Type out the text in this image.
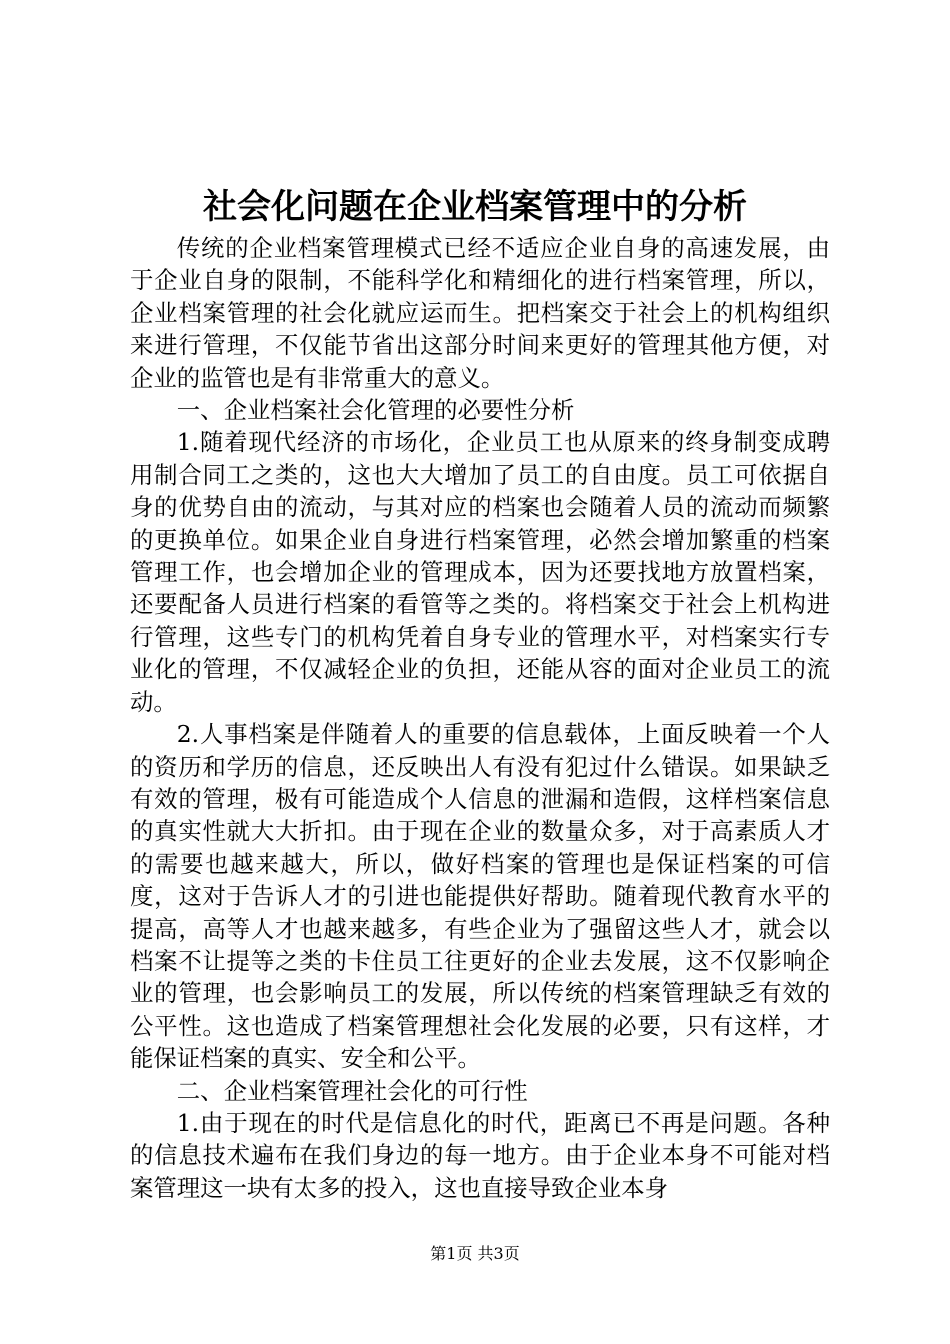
社会化问题在企业档案管理中的分析

传统的企业档案管理模式已经不适应企业自身的高速发展，由于企业自身的限制，不能科学化和精细化的进行档案管理，所以，企业档案管理的社会化就应运而生。把档案交于社会上的机构组织来进行管理，不仅能节省出这部分时间来更好的管理其他方便，对企业的监管也是有非常重大的意义。

一、企业档案社会化管理的必要性分析

1.随着现代经济的市场化，企业员工也从原来的终身制变成聘用制合同工之类的，这也大大增加了员工的自由度。员工可依据自身的优势自由的流动，与其对应的档案也会随着人员的流动而频繁的更换单位。如果企业自身进行档案管理，必然会增加繁重的档案管理工作，也会增加企业的管理成本，因为还要找地方放置档案，还要配备人员进行档案的看管等之类的。将档案交于社会上机构进行管理，这些专门的机构凭着自身专业的管理水平，对档案实行专业化的管理，不仅减轻企业的负担，还能从容的面对企业员工的流动。

2.人事档案是伴随着人的重要的信息载体，上面反映着一个人的资历和学历的信息，还反映出人有没有犯过什么错误。如果缺乏有效的管理，极有可能造成个人信息的泄漏和造假，这样档案信息的真实性就大大折扣。由于现在企业的数量众多，对于高素质人才的需要也越来越大，所以，做好档案的管理也是保证档案的可信度，这对于告诉人才的引进也能提供好帮助。随着现代教育水平的提高，高等人才也越来越多，有些企业为了强留这些人才，就会以档案不让提等之类的卡住员工往更好的企业去发展，这不仅影响企业的管理，也会影响员工的发展，所以传统的档案管理缺乏有效的公平性。这也造成了档案管理想社会化发展的必要，只有这样，才能保证档案的真实、安全和公平。

二、企业档案管理社会化的可行性

1.由于现在的时代是信息化的时代，距离已不再是问题。各种的信息技术遍布在我们身边的每一地方。由于企业本身不可能对档案管理这一块有太多的投入，这也直接导致企业本身

第1页 共3页
